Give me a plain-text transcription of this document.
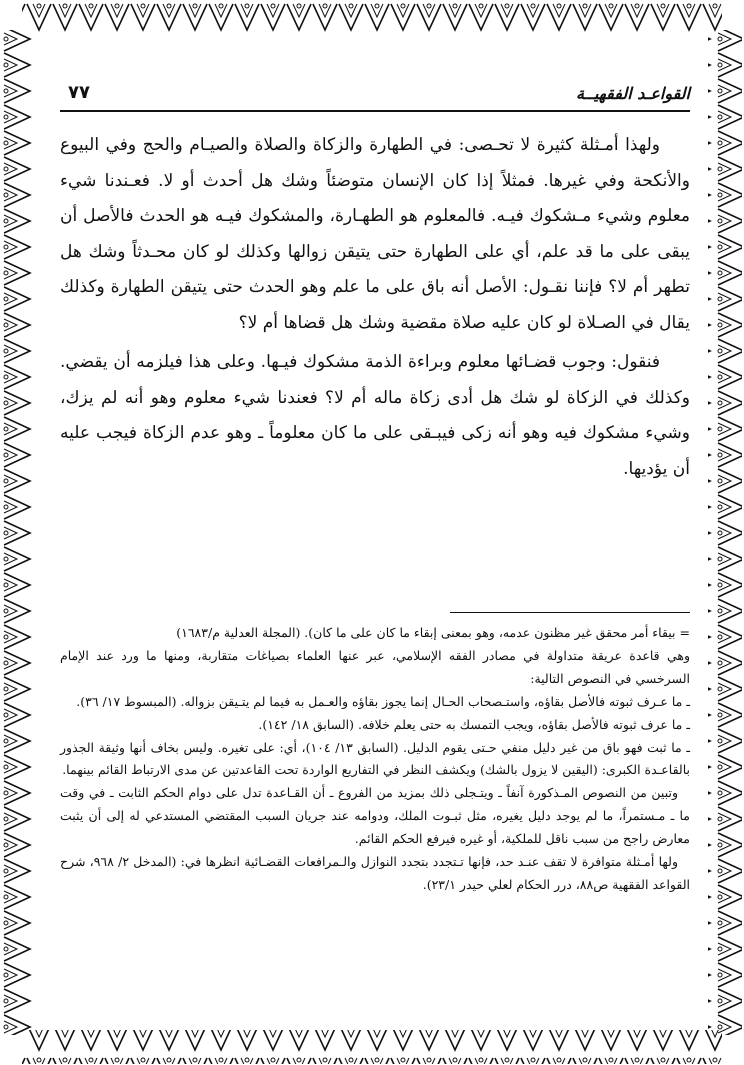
القواعـد الفقهيــة
٧٧

ولهذا أمـثلة كثيرة لا تحـصى: في الطهارة والزكاة والصلاة والصيـام والحج وفي البيوع والأنكحة وفي غيرها. فمثلاً إذا كان الإنسان متوضئاً وشك هل أحدث أو لا. فعـندنا شيء معلوم وشيء مـشكوك فيـه. فالمعلوم هو الطهـارة، والمشكوك فيـه هو الحدث فالأصل أن يبقى على ما قد علم، أي على الطهارة حتى يتيقن زوالها وكذلك لو كان محـدثاً وشك هل تطهر أم لا؟ فإننا نقـول: الأصل أنه باق على ما علم وهو الحدث حتى يتيقن الطهارة وكذلك يقال في الصـلاة لو كان عليه صلاة مقضية وشك هل قضاها أم لا؟

فنقول: وجوب قضـائها معلوم وبراءة الذمة مشكوك فيـها. وعلى هذا فيلزمه أن يقضي. وكذلك في الزكاة لو شك هل أدى زكاة ماله أم لا؟ فعندنا شيء معلوم وهو أنه لم يزك، وشيء مشكوك فيه وهو أنه زكى فيبـقى على ما كان معلوماً ـ وهو عدم الزكاة فيجب عليه أن يؤديها.

= بيقاء أمر محقق غير مظنون عدمه، وهو بمعنى إبقاء ما كان على ما كان). (المجلة العدلية م/١٦٨٣)

وهي قاعدة عريقة متداولة في مصادر الفقه الإسلامي، عبر عنها العلماء بصياغات متقاربة، ومنها ما ورد عند الإمام السرخسي في النصوص التالية:

ـ ما عـرف ثبوته فالأصل بقاؤه، واستـصحاب الحـال إنما يجوز بقاؤه والعـمل به فيما لم يتـيقن بزواله. (المبسوط ١٧/ ٣٦).

ـ ما عرف ثبوته فالأصل بقاؤه، ويجب التمسك به حتى يعلم خلافه. (السابق ١٨/ ١٤٢).

ـ ما ثبت فهو باق من غير دليل منفي حـتى يقوم الدليل. (السابق ١٣/ ١٠٤)، أي: على تغيره. وليس بخاف أنها وثيقة الجذور بالقاعـدة الكبرى: (اليقين لا يزول بالشك) ويكشف النظر في التفاريع الواردة تحت القاعدتين عن مدى الارتباط القائم بينهما.

وتبين من النصوص المـذكورة آنفاً ـ ويتـجلى ذلك بمزيد من الفروع ـ أن القـاعدة تدل على دوام الحكم الثابت ـ في وقت ما ـ مـستمراً، ما لم يوجد دليل يغيره، مثل ثبـوت الملك، ودوامه عند جريان السبب المقتضي المستدعي له إلى أن يثبت معارض راجح من سبب ناقل للملكية، أو غيره فيرفع الحكم القائم.

ولها أمـثلة متوافرة لا تقف عنـد حد، فإنها تـتجدد بتجدد النوازل والـمرافعات القضـائية انظرها في: (المدخل ٢/ ٩٦٨، شرح القواعد الفقهية ص٨٨، درر الحكام لعلي حيدر ٢٣/١).
